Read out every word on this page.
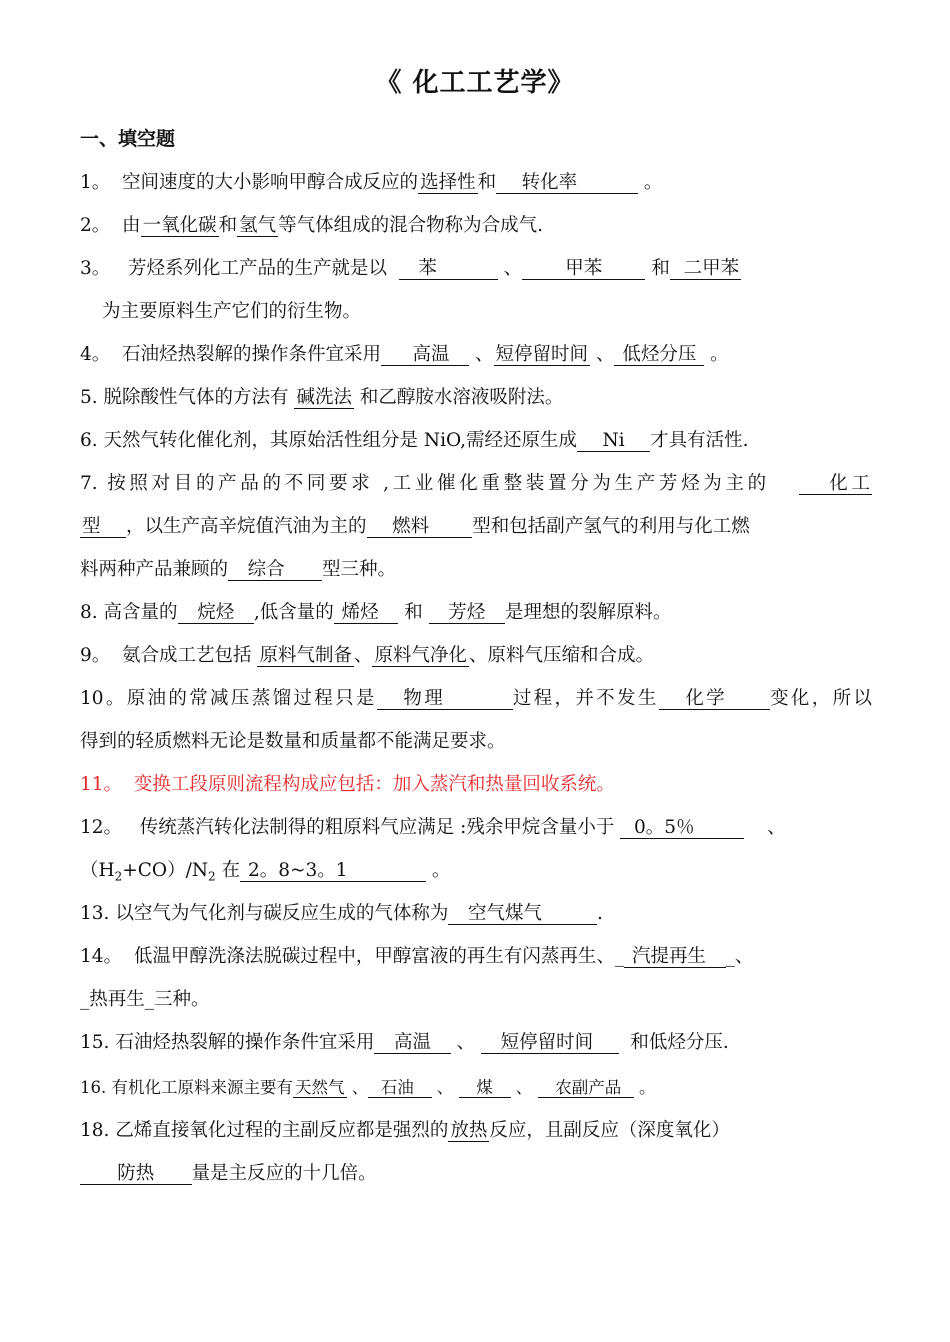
《 化工工艺学》
一、填空题
1。 空间速度的大小影响甲醇合成反应的 选择性 和 转化率	。
2。 由 一氧化碳 和 氢气 等气体组成的混合物称为合成气.
3。 芳烃系列化工产品的生产就是以 苯	、 甲苯	和 二甲苯
为主要原料生产它们的衍生物。
4。 石油烃热裂解的操作条件宜采用 高温 、 短停留时间 、 低烃分压 。
5. 脱除酸性气体的方法有 碱洗法 和乙醇胺水溶液吸附法。
6. 天然气转化催化剂，其原始活性组分是 NiO,需经还原生成 Ni 才具有活性.
7. 按照对目的产品的不同要求 ,工业催化重整装置分为生产芳烃为主的	化工
型 ，以生产高辛烷值汽油为主的 燃料 型和包括副产氢气的利用与化工燃
料两种产品兼顾的 综合 型三种。
8. 高含量的 烷烃 ,低含量的 烯烃 和 芳烃 是理想的裂解原料。
9。 氨合成工艺包括 原料气制备 、 原料气净化 、原料气压缩和合成。
10。原油的常减压蒸馏过程只是 物理	过程，并不发生 化学 变化，所以
得到的轻质燃料无论是数量和质量都不能满足要求。
11。 变换工段原则流程构成应包括：加入蒸汽和热量回收系统。
12。 传统蒸汽转化法制得的粗原料气应满足 :残余甲烷含量小于 0。5％	、
$(H_2+CO)/N_2$ 在 2。8~3。1	。
13. 以空气为气化剂与碳反应生成的气体称为 空气煤气	.
14。 低温甲醇洗涤法脱碳过程中，甲醇富液的再生有闪蒸再生、_ 汽提再生 _、
_热再生_三种。
15. 石油烃热裂解的操作条件宜采用 高温 、 短停留时间 和低烃分压.
16. 有机化工原料来源主要有 天然气 、 石油 、 煤 、 农副产品 。
18. 乙烯直接氧化过程的主副反应都是强烈的 放热 反应，且副反应（深度氧化）
防热 量是主反应的十几倍。
